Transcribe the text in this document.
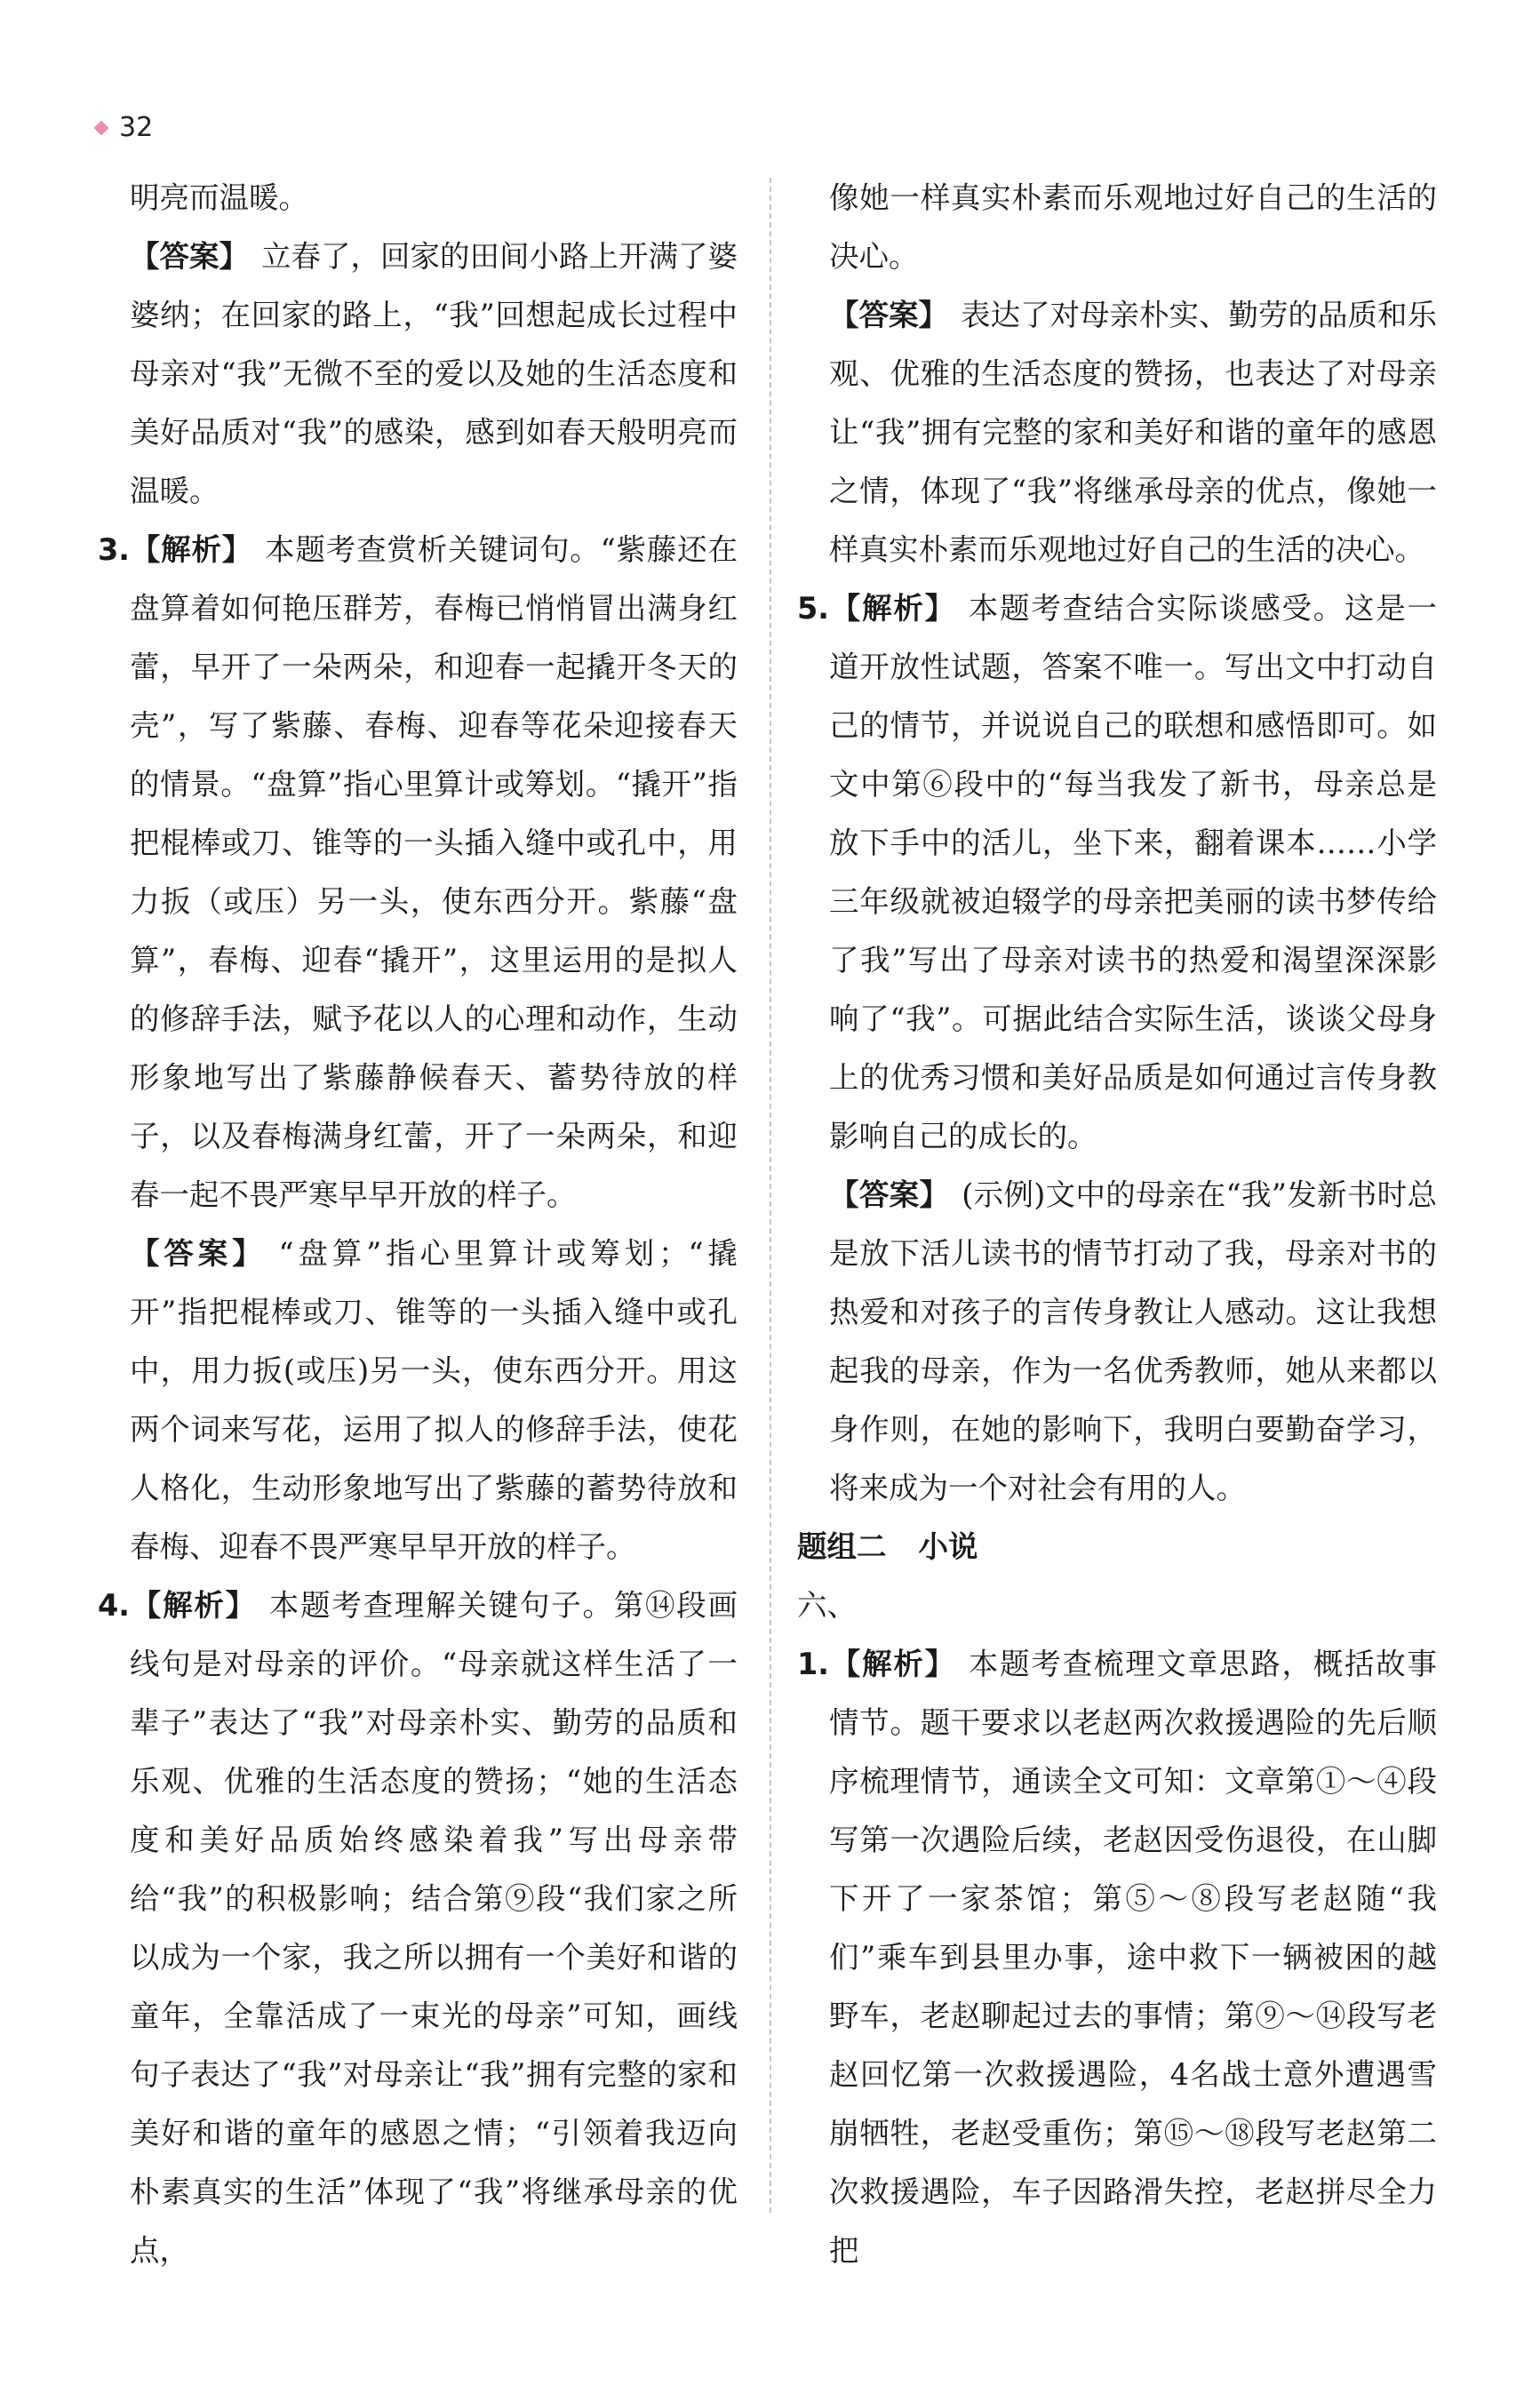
32

明亮而温暖。

【答案】 立春了，回家的田间小路上开满了婆婆纳；在回家的路上，“我”回想起成长过程中母亲对“我”无微不至的爱以及她的生活态度和美好品质对“我”的感染，感到如春天般明亮而温暖。

3.【解析】 本题考查赏析关键词句。“紫藤还在盘算着如何艳压群芳，春梅已悄悄冒出满身红蕾，早开了一朵两朵，和迎春一起撬开冬天的壳”，写了紫藤、春梅、迎春等花朵迎接春天的情景。“盘算”指心里算计或筹划。“撬开”指把棍棒或刀、锥等的一头插入缝中或孔中，用力扳（或压）另一头，使东西分开。紫藤“盘算”，春梅、迎春“撬开”，这里运用的是拟人的修辞手法，赋予花以人的心理和动作，生动形象地写出了紫藤静候春天、蓄势待放的样子，以及春梅满身红蕾，开了一朵两朵，和迎春一起不畏严寒早早开放的样子。

【答案】 “盘算”指心里算计或筹划；“撬开”指把棍棒或刀、锥等的一头插入缝中或孔中，用力扳(或压)另一头，使东西分开。用这两个词来写花，运用了拟人的修辞手法，使花人格化，生动形象地写出了紫藤的蓄势待放和春梅、迎春不畏严寒早早开放的样子。

4.【解析】 本题考查理解关键句子。第⑭段画线句是对母亲的评价。“母亲就这样生活了一辈子”表达了“我”对母亲朴实、勤劳的品质和乐观、优雅的生活态度的赞扬；“她的生活态度和美好品质始终感染着我”写出母亲带给“我”的积极影响；结合第⑨段“我们家之所以成为一个家，我之所以拥有一个美好和谐的童年，全靠活成了一束光的母亲”可知，画线句子表达了“我”对母亲让“我”拥有完整的家和美好和谐的童年的感恩之情；“引领着我迈向朴素真实的生活”体现了“我”将继承母亲的优点，

像她一样真实朴素而乐观地过好自己的生活的决心。

【答案】 表达了对母亲朴实、勤劳的品质和乐观、优雅的生活态度的赞扬，也表达了对母亲让“我”拥有完整的家和美好和谐的童年的感恩之情，体现了“我”将继承母亲的优点，像她一样真实朴素而乐观地过好自己的生活的决心。

5.【解析】 本题考查结合实际谈感受。这是一道开放性试题，答案不唯一。写出文中打动自己的情节，并说说自己的联想和感悟即可。如文中第⑥段中的“每当我发了新书，母亲总是放下手中的活儿，坐下来，翻着课本……小学三年级就被迫辍学的母亲把美丽的读书梦传给了我”写出了母亲对读书的热爱和渴望深深影响了“我”。可据此结合实际生活，谈谈父母身上的优秀习惯和美好品质是如何通过言传身教影响自己的成长的。

【答案】 (示例)文中的母亲在“我”发新书时总是放下活儿读书的情节打动了我，母亲对书的热爱和对孩子的言传身教让人感动。这让我想起我的母亲，作为一名优秀教师，她从来都以身作则，在她的影响下，我明白要勤奋学习，将来成为一个对社会有用的人。

题组二 小说

六、

1.【解析】 本题考查梳理文章思路，概括故事情节。题干要求以老赵两次救援遇险的先后顺序梳理情节，通读全文可知：文章第①～④段写第一次遇险后续，老赵因受伤退役，在山脚下开了一家茶馆；第⑤～⑧段写老赵随“我们”乘车到县里办事，途中救下一辆被困的越野车，老赵聊起过去的事情；第⑨～⑭段写老赵回忆第一次救援遇险，4名战士意外遭遇雪崩牺牲，老赵受重伤；第⑮～⑱段写老赵第二次救援遇险，车子因路滑失控，老赵拼尽全力把
